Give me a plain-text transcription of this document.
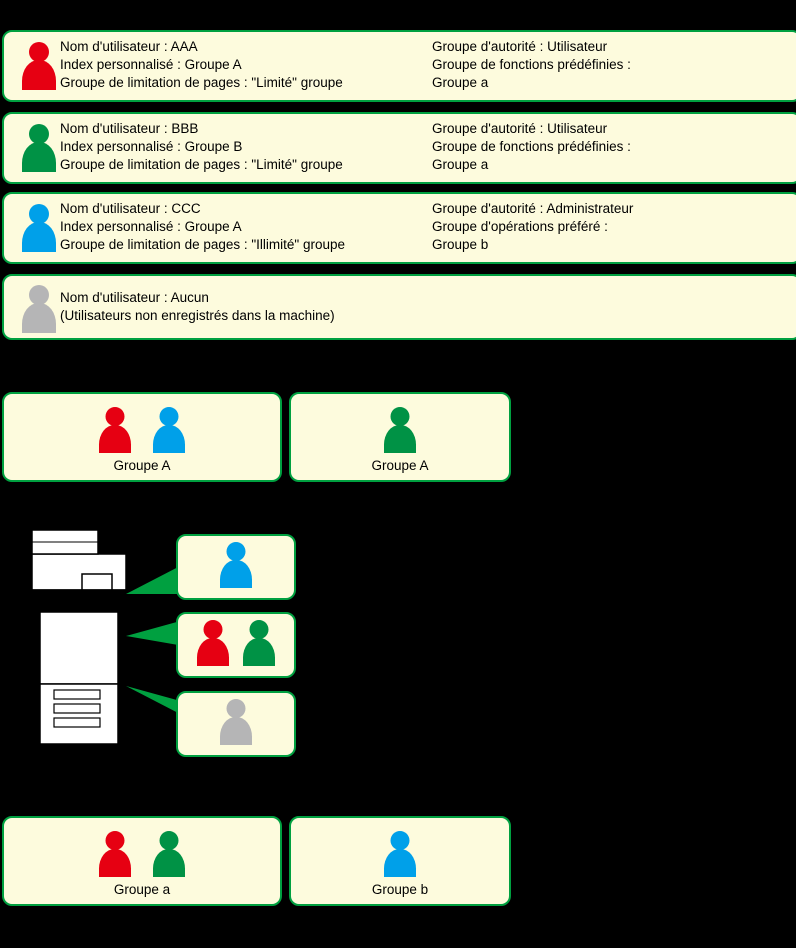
Nom d'utilisateur : AAA
Index personnalisé : Groupe A
Groupe de limitation de pages : "Limité" groupe
Groupe d'autorité : Utilisateur
Groupe de fonctions prédéfinies :
Groupe a
Nom d'utilisateur : BBB
Index personnalisé : Groupe B
Groupe de limitation de pages : "Limité" groupe
Groupe d'autorité : Utilisateur
Groupe de fonctions prédéfinies :
Groupe a
Nom d'utilisateur : CCC
Index personnalisé : Groupe A
Groupe de limitation de pages : "Illimité" groupe
Groupe d'autorité : Administrateur
Groupe d'opérations préféré :
Groupe b
Nom d'utilisateur : Aucun
(Utilisateurs non enregistrés dans la machine)
Groupe A	Groupe A
Groupe a	Groupe b
